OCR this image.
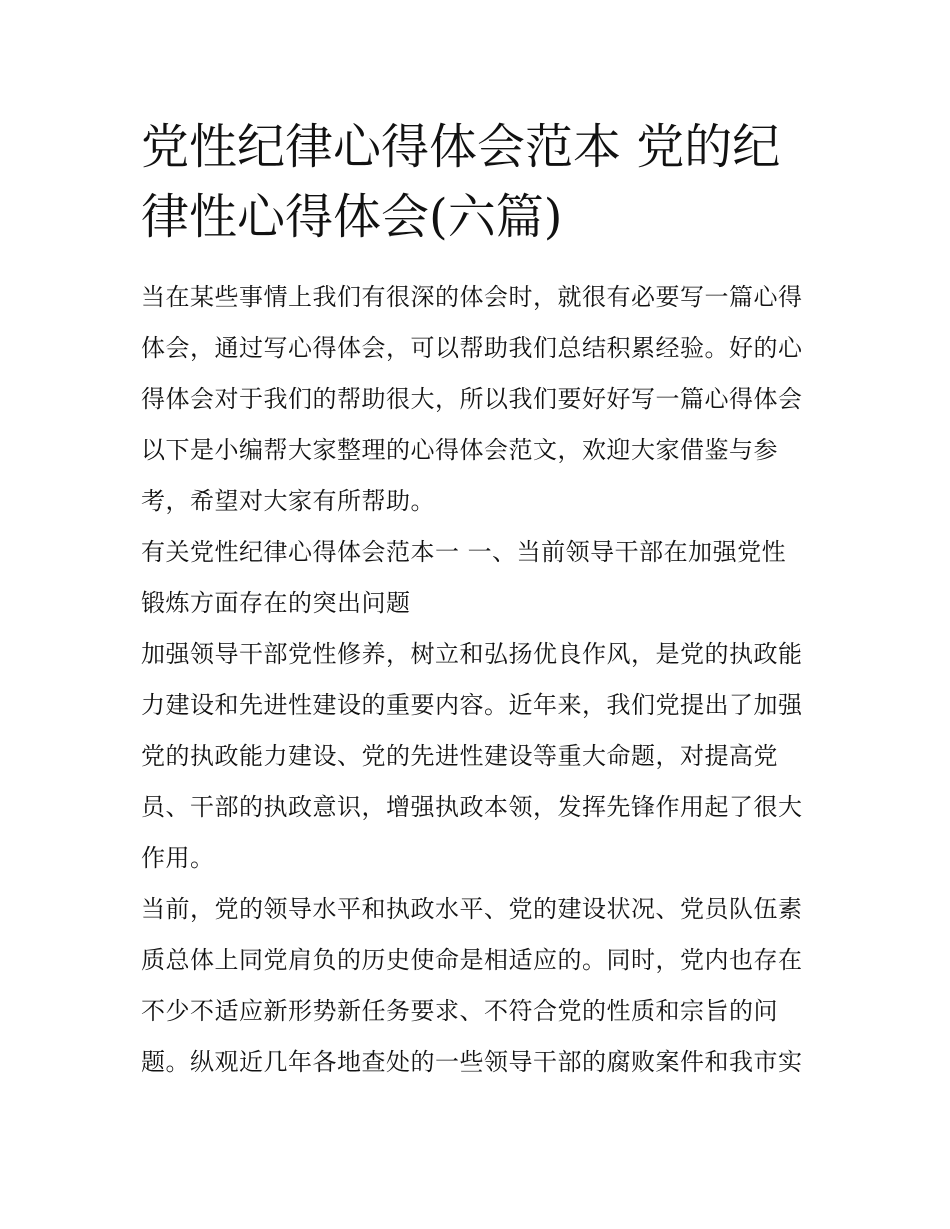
党性纪律心得体会范本 党的纪
律性心得体会(六篇)

当在某些事情上我们有很深的体会时，就很有必要写一篇心得
体会，通过写心得体会，可以帮助我们总结积累经验。好的心
得体会对于我们的帮助很大，所以我们要好好写一篇心得体会
以下是小编帮大家整理的心得体会范文，欢迎大家借鉴与参
考，希望对大家有所帮助。

有关党性纪律心得体会范本一 一、当前领导干部在加强党性
锻炼方面存在的突出问题

加强领导干部党性修养，树立和弘扬优良作风，是党的执政能
力建设和先进性建设的重要内容。近年来，我们党提出了加强
党的执政能力建设、党的先进性建设等重大命题，对提高党
员、干部的执政意识，增强执政本领，发挥先锋作用起了很大
作用。

当前，党的领导水平和执政水平、党的建设状况、党员队伍素
质总体上同党肩负的历史使命是相适应的。同时，党内也存在
不少不适应新形势新任务要求、不符合党的性质和宗旨的问
题。纵观近几年各地查处的一些领导干部的腐败案件和我市实
